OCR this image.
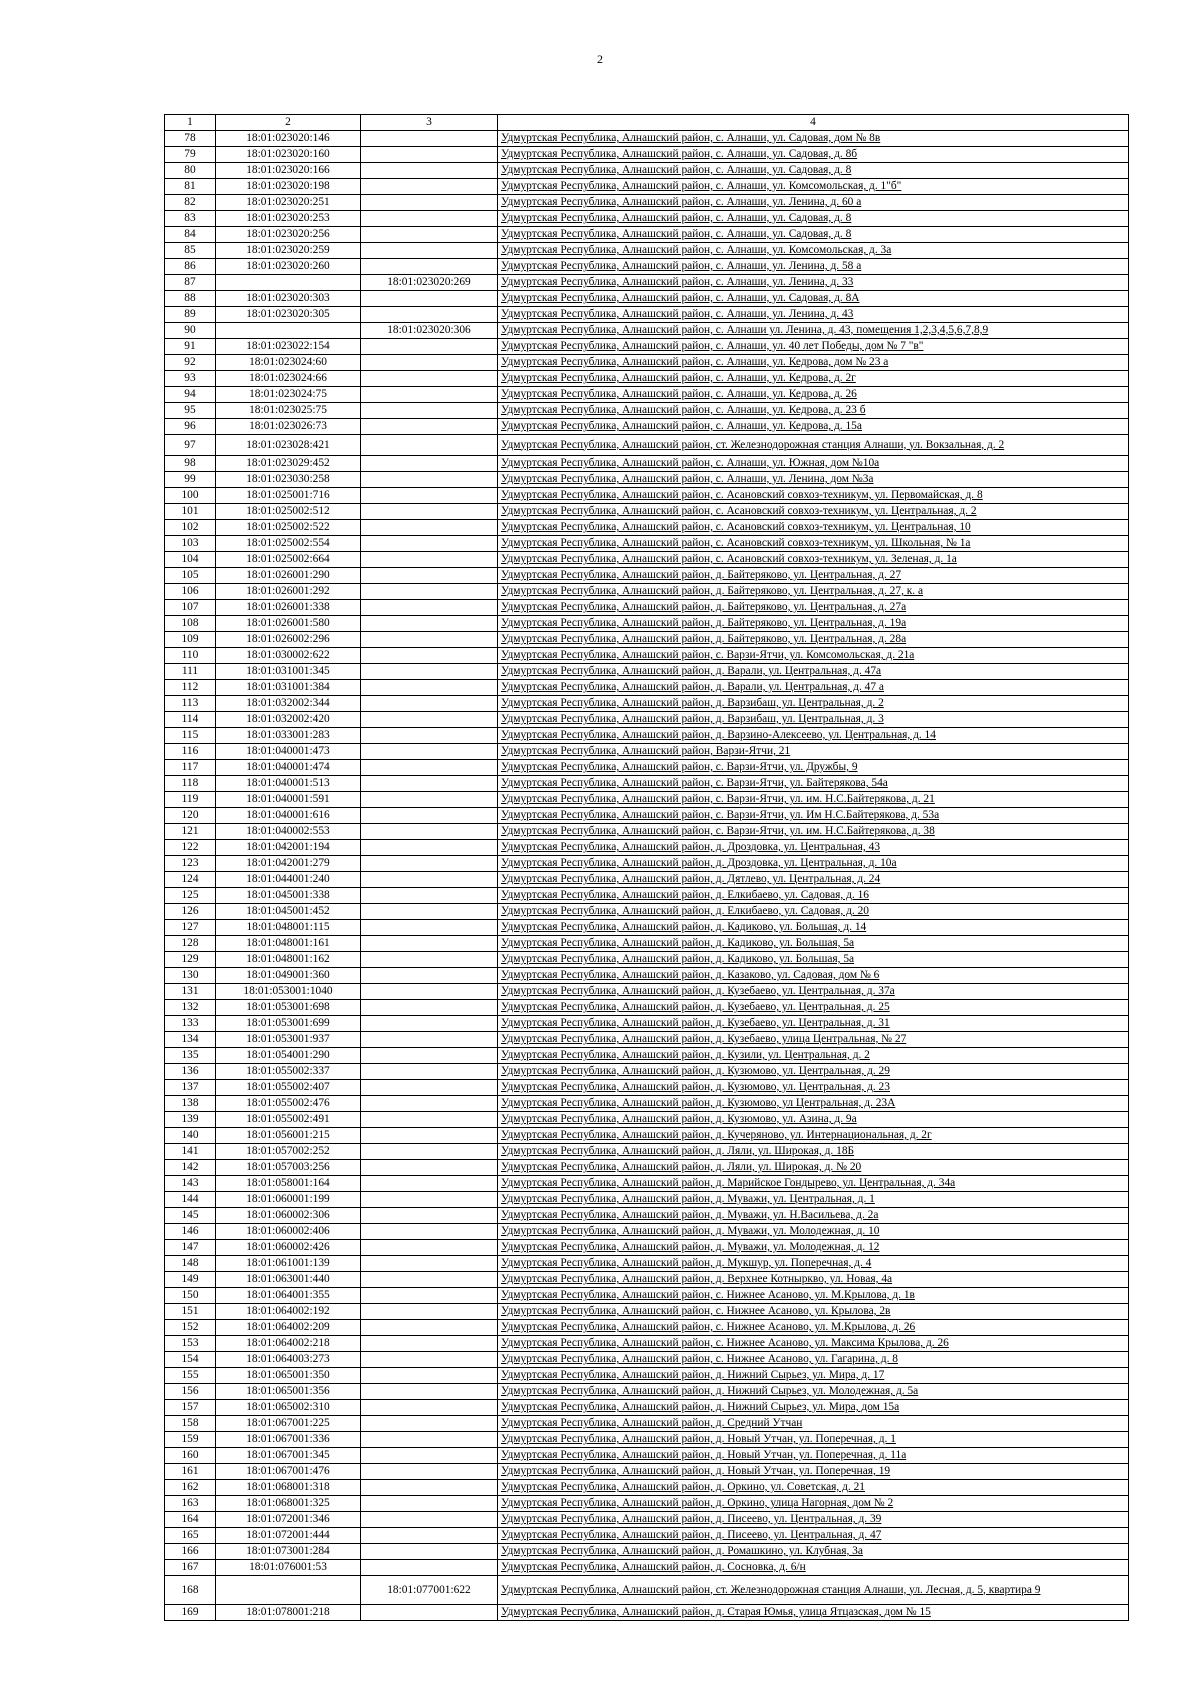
2
1	2	3	4
78	18:01:023020:146		Удмуртская Республика, Алнашский район, с. Алнаши, ул. Садовая, дом № 8в
79	18:01:023020:160		Удмуртская Республика, Алнашский район, с. Алнаши, ул. Садовая, д. 8б
80	18:01:023020:166		Удмуртская Республика, Алнашский район, с. Алнаши, ул. Садовая, д. 8
81	18:01:023020:198		Удмуртская Республика, Алнашский район, с. Алнаши, ул. Комсомольская, д. 1"б"
82	18:01:023020:251		Удмуртская Республика, Алнашский район, с. Алнаши, ул. Ленина, д. 60 а
83	18:01:023020:253		Удмуртская Республика, Алнашский район, с. Алнаши, ул. Садовая, д. 8
84	18:01:023020:256		Удмуртская Республика, Алнашский район, с. Алнаши, ул. Садовая, д. 8
85	18:01:023020:259		Удмуртская Республика, Алнашский район, с. Алнаши, ул. Комсомольская, д. 3а
86	18:01:023020:260		Удмуртская Республика, Алнашский район, с. Алнаши, ул. Ленина, д. 58 а
87		18:01:023020:269	Удмуртская Республика, Алнашский район, с. Алнаши, ул. Ленина, д. 33
88	18:01:023020:303		Удмуртская Республика, Алнашский район, с. Алнаши, ул. Садовая, д. 8А
89	18:01:023020:305		Удмуртская Республика, Алнашский район, с. Алнаши, ул. Ленина, д. 43
90		18:01:023020:306	Удмуртская Республика, Алнашский район, с. Алнаши ул. Ленина, д. 43, помещения 1,2,3,4,5,6,7,8,9
91	18:01:023022:154		Удмуртская Республика, Алнашский район, с. Алнаши, ул. 40 лет Победы, дом № 7 "в"
92	18:01:023024:60		Удмуртская Республика, Алнашский район, с. Алнаши, ул. Кедрова, дом № 23 а
93	18:01:023024:66		Удмуртская Республика, Алнашский район, с. Алнаши, ул. Кедрова, д. 2г
94	18:01:023024:75		Удмуртская Республика, Алнашский район, с. Алнаши, ул. Кедрова, д. 26
95	18:01:023025:75		Удмуртская Республика, Алнашский район, с. Алнаши, ул. Кедрова, д. 23 б
96	18:01:023026:73		Удмуртская Республика, Алнашский район, с. Алнаши, ул. Кедрова, д. 15а
97	18:01:023028:421		Удмуртская Республика, Алнашский район, ст. Железнодорожная станция Алнаши, ул. Вокзальная, д. 2
98	18:01:023029:452		Удмуртская Республика, Алнашский район, с. Алнаши, ул. Южная, дом №10а
99	18:01:023030:258		Удмуртская Республика, Алнашский район, с. Алнаши, ул. Ленина, дом №3а
100	18:01:025001:716		Удмуртская Республика, Алнашский район, с. Асановский совхоз-техникум, ул. Первомайская, д. 8
101	18:01:025002:512		Удмуртская Республика, Алнашский район, с. Асановский совхоз-техникум, ул. Центральная, д. 2
102	18:01:025002:522		Удмуртская Республика, Алнашский район, с. Асановский совхоз-техникум, ул. Центральная, 10
103	18:01:025002:554		Удмуртская Республика, Алнашский район, с. Асановский совхоз-техникум, ул. Школьная, № 1а
104	18:01:025002:664		Удмуртская Республика, Алнашский район, с. Асановский совхоз-техникум, ул. Зеленая, д. 1а
105	18:01:026001:290		Удмуртская Республика, Алнашский район, д. Байтеряково, ул. Центральная, д. 27
106	18:01:026001:292		Удмуртская Республика, Алнашский район, д. Байтеряково, ул. Центральная, д. 27, к. а
107	18:01:026001:338		Удмуртская Республика, Алнашский район, д. Байтеряково, ул. Центральная, д. 27а
108	18:01:026001:580		Удмуртская Республика, Алнашский район, д. Байтеряково, ул. Центральная, д. 19а
109	18:01:026002:296		Удмуртская Республика, Алнашский район, д. Байтеряково, ул. Центральная, д. 28а
110	18:01:030002:622		Удмуртская Республика, Алнашский район, с. Варзи-Ятчи, ул. Комсомольская, д. 21а
111	18:01:031001:345		Удмуртская Республика, Алнашский район, д. Варали, ул. Центральная, д. 47а
112	18:01:031001:384		Удмуртская Республика, Алнашский район, д. Варали, ул. Центральная, д. 47 а
113	18:01:032002:344		Удмуртская Республика, Алнашский район, д. Варзибаш, ул. Центральная, д. 2
114	18:01:032002:420		Удмуртская Республика, Алнашский район, д. Варзибаш, ул. Центральная, д. 3
115	18:01:033001:283		Удмуртская Республика, Алнашский район, д. Варзино-Алексеево, ул. Центральная, д. 14
116	18:01:040001:473		Удмуртская Республика, Алнашский район, Варзи-Ятчи, 21
117	18:01:040001:474		Удмуртская Республика, Алнашский район, с. Варзи-Ятчи, ул. Дружбы, 9
118	18:01:040001:513		Удмуртская Республика, Алнашский район, с. Варзи-Ятчи, ул. Байтерякова, 54а
119	18:01:040001:591		Удмуртская Республика, Алнашский район, с. Варзи-Ятчи, ул. им. Н.С.Байтерякова, д. 21
120	18:01:040001:616		Удмуртская Республика, Алнашский район, с. Варзи-Ятчи, ул. Им Н.С.Байтерякова, д. 53а
121	18:01:040002:553		Удмуртская Республика, Алнашский район, с. Варзи-Ятчи, ул. им. Н.С.Байтерякова, д. 38
122	18:01:042001:194		Удмуртская Республика, Алнашский район, д. Дроздовка, ул. Центральная, 43
123	18:01:042001:279		Удмуртская Республика, Алнашский район, д. Дроздовка, ул. Центральная, д. 10а
124	18:01:044001:240		Удмуртская Республика, Алнашский район, д. Дятлево, ул. Центральная, д. 24
125	18:01:045001:338		Удмуртская Республика, Алнашский район, д. Елкибаево, ул. Садовая, д. 16
126	18:01:045001:452		Удмуртская Республика, Алнашский район, д. Елкибаево, ул. Садовая, д. 20
127	18:01:048001:115		Удмуртская Республика, Алнашский район, д. Кадиково, ул. Большая, д. 14
128	18:01:048001:161		Удмуртская Республика, Алнашский район, д. Кадиково, ул. Большая, 5а
129	18:01:048001:162		Удмуртская Республика, Алнашский район, д. Кадиково, ул. Большая, 5а
130	18:01:049001:360		Удмуртская Республика, Алнашский район, д. Казаково, ул. Садовая, дом № 6
131	18:01:053001:1040		Удмуртская Республика, Алнашский район, д. Кузебаево, ул. Центральная, д. 37а
132	18:01:053001:698		Удмуртская Республика, Алнашский район, д. Кузебаево, ул. Центральная, д. 25
133	18:01:053001:699		Удмуртская Республика, Алнашский район, д. Кузебаево, ул. Центральная, д. 31
134	18:01:053001:937		Удмуртская Республика, Алнашский район, д. Кузебаево, улица Центральная, № 27
135	18:01:054001:290		Удмуртская Республика, Алнашский район, д. Кузили, ул. Центральная, д. 2
136	18:01:055002:337		Удмуртская Республика, Алнашский район, д. Кузюмово, ул. Центральная, д. 29
137	18:01:055002:407		Удмуртская Республика, Алнашский район, д. Кузюмово, ул. Центральная, д. 23
138	18:01:055002:476		Удмуртская Республика, Алнашский район, д. Кузюмово, ул Центральная, д. 23А
139	18:01:055002:491		Удмуртская Республика, Алнашский район, д. Кузюмово, ул. Азина, д. 9а
140	18:01:056001:215		Удмуртская Республика, Алнашский район, д. Кучеряново, ул. Интернациональная, д. 2г
141	18:01:057002:252		Удмуртская Республика, Алнашский район, д. Ляли, ул. Широкая, д. 18Б
142	18:01:057003:256		Удмуртская Республика, Алнашский район, д. Ляли, ул. Широкая, д. № 20
143	18:01:058001:164		Удмуртская Республика, Алнашский район, д. Марийское Гондырево, ул. Центральная, д. 34а
144	18:01:060001:199		Удмуртская Республика, Алнашский район, д. Муважи, ул. Центральная, д. 1
145	18:01:060002:306		Удмуртская Республика, Алнашский район, д. Муважи, ул. Н.Васильева, д. 2а
146	18:01:060002:406		Удмуртская Республика, Алнашский район, д. Муважи, ул. Молодежная, д. 10
147	18:01:060002:426		Удмуртская Республика, Алнашский район, д. Муважи, ул. Молодежная, д. 12
148	18:01:061001:139		Удмуртская Республика, Алнашский район, д. Мукшур, ул. Поперечная, д. 4
149	18:01:063001:440		Удмуртская Республика, Алнашский район, д. Верхнее Котныркво, ул. Новая, 4а
150	18:01:064001:355		Удмуртская Республика, Алнашский район, с. Нижнее Асаново, ул. М.Крылова, д. 1в
151	18:01:064002:192		Удмуртская Республика, Алнашский район, с. Нижнее Асаново, ул. Крылова, 2в
152	18:01:064002:209		Удмуртская Республика, Алнашский район, с. Нижнее Асаново, ул. М.Крылова, д. 26
153	18:01:064002:218		Удмуртская Республика, Алнашский район, с. Нижнее Асаново, ул. Максима Крылова, д. 26
154	18:01:064003:273		Удмуртская Республика, Алнашский район, с. Нижнее Асаново, ул. Гагарина, д. 8
155	18:01:065001:350		Удмуртская Республика, Алнашский район, д. Нижний Сырьез, ул. Мира, д. 17
156	18:01:065001:356		Удмуртская Республика, Алнашский район, д. Нижний Сырьез, ул. Молодежная, д. 5а
157	18:01:065002:310		Удмуртская Республика, Алнашский район, д. Нижний Сырьез, ул. Мира, дом 15а
158	18:01:067001:225		Удмуртская Республика, Алнашский район, д. Средний Утчан
159	18:01:067001:336		Удмуртская Республика, Алнашский район, д. Новый Утчан, ул. Поперечная, д. 1
160	18:01:067001:345		Удмуртская Республика, Алнашский район, д. Новый Утчан, ул. Поперечная, д. 11а
161	18:01:067001:476		Удмуртская Республика, Алнашский район, д. Новый Утчан, ул. Поперечная, 19
162	18:01:068001:318		Удмуртская Республика, Алнашский район, д. Оркино, ул. Советская, д. 21
163	18:01:068001:325		Удмуртская Республика, Алнашский район, д. Оркино, улица Нагорная, дом № 2
164	18:01:072001:346		Удмуртская Республика, Алнашский район, д. Писеево, ул. Центральная, д. 39
165	18:01:072001:444		Удмуртская Республика, Алнашский район, д. Писеево, ул. Центральная, д. 47
166	18:01:073001:284		Удмуртская Республика, Алнашский район, д. Ромашкино, ул. Клубная, 3а
167	18:01:076001:53		Удмуртская Республика, Алнашский район, д. Сосновка, д. 6/н
168		18:01:077001:622	Удмуртская Республика, Алнашский район, ст. Железнодорожная станция Алнаши, ул. Лесная, д. 5, квартира 9
169	18:01:078001:218		Удмуртская Республика, Алнашский район, д. Старая Юмья, улица Ятцазская, дом № 15
